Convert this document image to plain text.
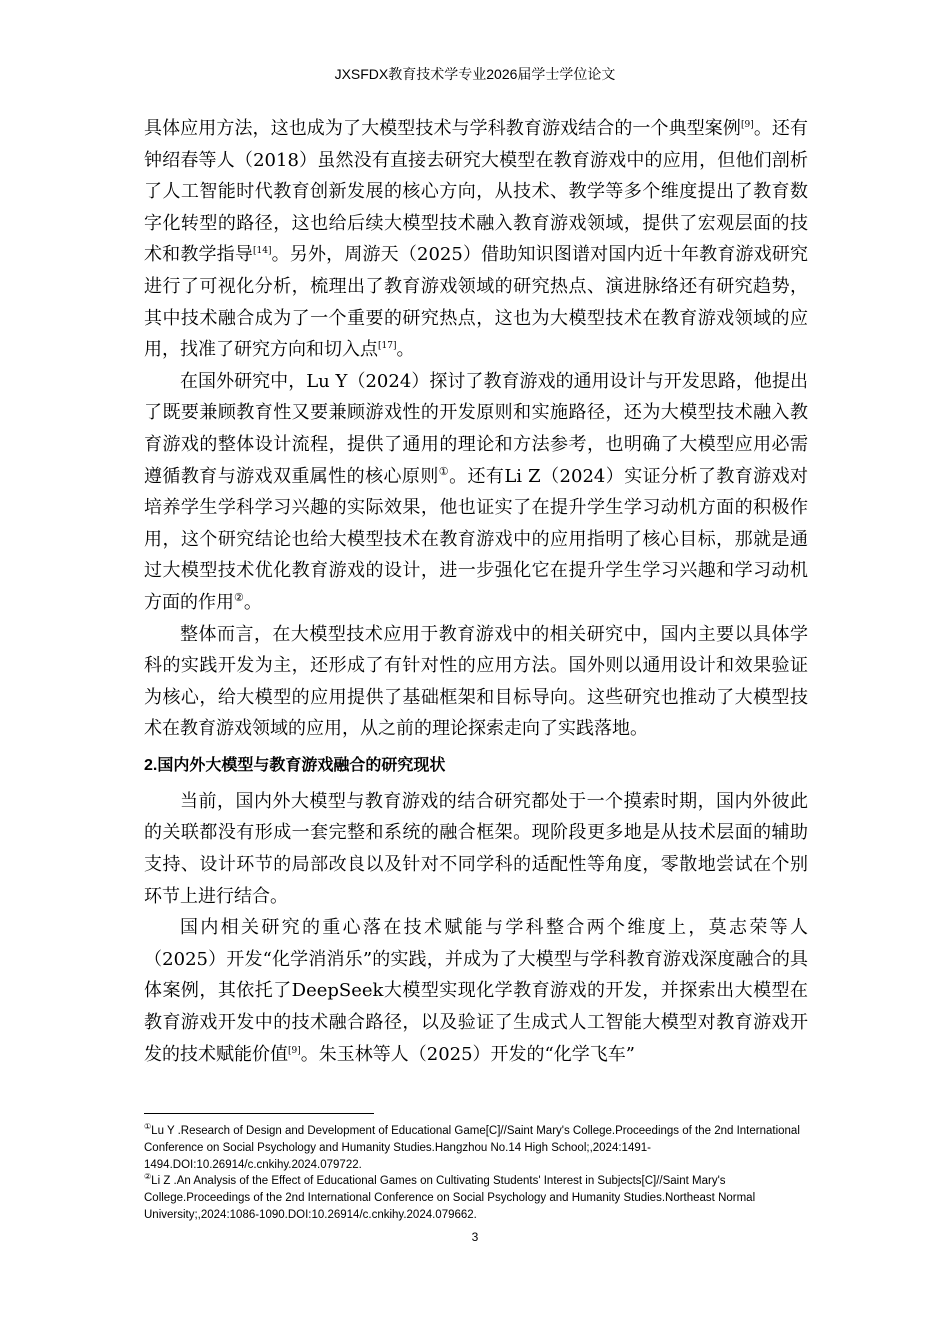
JXSFDX教育技术学专业2026届学士学位论文

具体应用方法，这也成为了大模型技术与学科教育游戏结合的一个典型案例[9]。还有钟绍春等人（2018）虽然没有直接去研究大模型在教育游戏中的应用，但他们剖析了人工智能时代教育创新发展的核心方向，从技术、教学等多个维度提出了教育数字化转型的路径，这也给后续大模型技术融入教育游戏领域，提供了宏观层面的技术和教学指导[14]。另外，周游天（2025）借助知识图谱对国内近十年教育游戏研究进行了可视化分析，梳理出了教育游戏领域的研究热点、演进脉络还有研究趋势，其中技术融合成为了一个重要的研究热点，这也为大模型技术在教育游戏领域的应用，找准了研究方向和切入点[17]。

在国外研究中，Lu Y（2024）探讨了教育游戏的通用设计与开发思路，他提出了既要兼顾教育性又要兼顾游戏性的开发原则和实施路径，还为大模型技术融入教育游戏的整体设计流程，提供了通用的理论和方法参考，也明确了大模型应用必需遵循教育与游戏双重属性的核心原则①。还有Li Z（2024）实证分析了教育游戏对培养学生学科学习兴趣的实际效果，他也证实了在提升学生学习动机方面的积极作用，这个研究结论也给大模型技术在教育游戏中的应用指明了核心目标，那就是通过大模型技术优化教育游戏的设计，进一步强化它在提升学生学习兴趣和学习动机方面的作用②。

整体而言，在大模型技术应用于教育游戏中的相关研究中，国内主要以具体学科的实践开发为主，还形成了有针对性的应用方法。国外则以通用设计和效果验证为核心，给大模型的应用提供了基础框架和目标导向。这些研究也推动了大模型技术在教育游戏领域的应用，从之前的理论探索走向了实践落地。

2.国内外大模型与教育游戏融合的研究现状

当前，国内外大模型与教育游戏的结合研究都处于一个摸索时期，国内外彼此的关联都没有形成一套完整和系统的融合框架。现阶段更多地是从技术层面的辅助支持、设计环节的局部改良以及针对不同学科的适配性等角度，零散地尝试在个别环节上进行结合。

国内相关研究的重心落在技术赋能与学科整合两个维度上，莫志荣等人（2025）开发“化学消消乐”的实践，并成为了大模型与学科教育游戏深度融合的具体案例，其依托了DeepSeek大模型实现化学教育游戏的开发，并探索出大模型在教育游戏开发中的技术融合路径，以及验证了生成式人工智能大模型对教育游戏开发的技术赋能价值[9]。朱玉林等人（2025）开发的“化学飞车”

①Lu Y .Research of Design and Development of Educational Game[C]//Saint Mary's College.Proceedings of the 2nd International Conference on Social Psychology and Humanity Studies.Hangzhou No.14 High School;,2024:1491-1494.DOI:10.26914/c.cnkihy.2024.079722.

②Li Z .An Analysis of the Effect of Educational Games on Cultivating Students' Interest in Subjects[C]//Saint Mary's College.Proceedings of the 2nd International Conference on Social Psychology and Humanity Studies.Northeast Normal University;,2024:1086-1090.DOI:10.26914/c.cnkihy.2024.079662.

3
